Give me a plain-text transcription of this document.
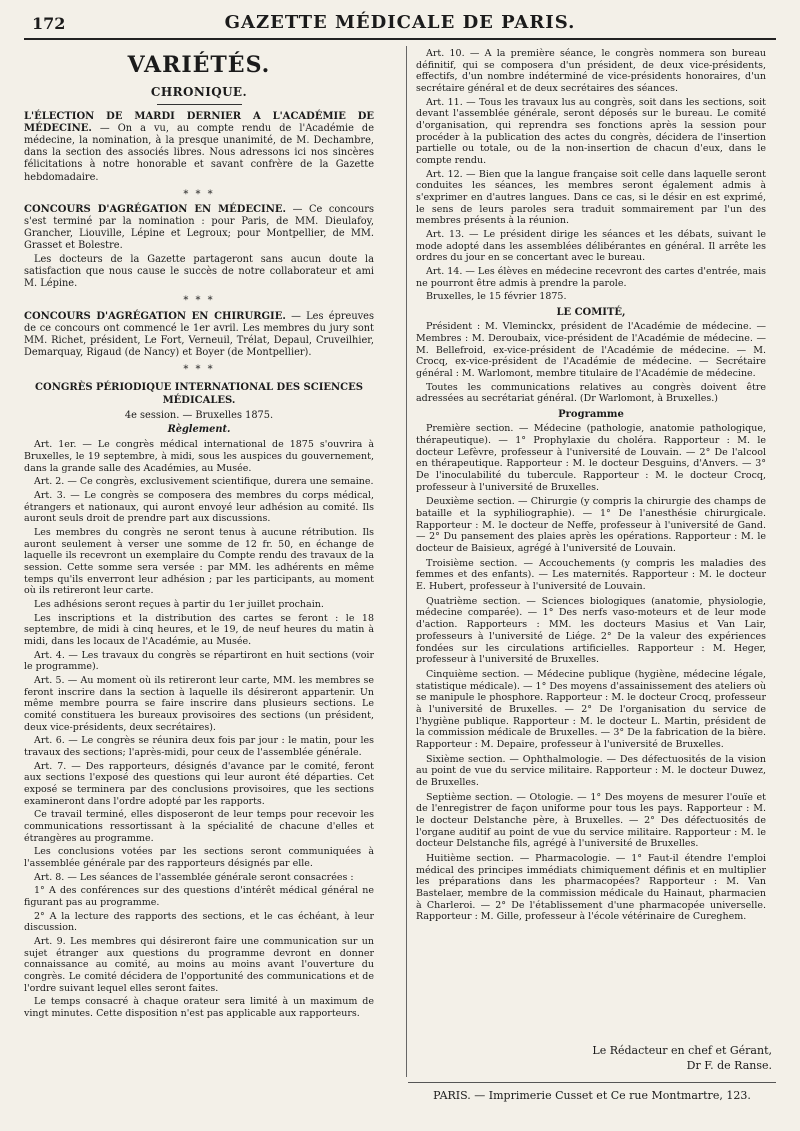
172	GAZETTE MÉDICALE DE PARIS.
VARIÉTÉS.
CHRONIQUE.

L'ÉLECTION DE MARDI DERNIER A L'ACADÉMIE DE MÉDECINE. — On a vu, au compte rendu de l'Académie de médecine, la nomination, à la presque unanimité, de M. Dechambre, dans la section des associés libres. Nous adressons ici nos sincères félicitations à notre honorable et savant confrère de la Gazette hebdomadaire.

* * *

CONCOURS D'AGRÉGATION EN MÉDECINE. — Ce concours s'est terminé par la nomination : pour Paris, de MM. Dieulafoy, Grancher, Liouville, Lépine et Legroux; pour Montpellier, de MM. Grasset et Bolestre.

Les docteurs de la Gazette partageront sans aucun doute la satisfaction que nous cause le succès de notre collaborateur et ami M. Lépine.

* * *

CONCOURS D'AGRÉGATION EN CHIRURGIE. — Les épreuves de ce concours ont commencé le 1er avril. Les membres du jury sont MM. Richet, président, Le Fort, Verneuil, Trélat, Depaul, Cruveilhier, Demarquay, Rigaud (de Nancy) et Boyer (de Montpellier).

* * *
CONGRÈS PÉRIODIQUE INTERNATIONAL DES SCIENCES MÉDICALES.
4e session. — Bruxelles 1875.
Règlement.

Art. 1er. — Le congrès médical international de 1875 s'ouvrira à Bruxelles, le 19 septembre, à midi, sous les auspices du gouvernement, dans la grande salle des Académies, au Musée.

Art. 2. — Ce congrès, exclusivement scientifique, durera une semaine.

Art. 3. — Le congrès se composera des membres du corps médical, étrangers et nationaux, qui auront envoyé leur adhésion au comité. Ils auront seuls droit de prendre part aux discussions.

Les membres du congrès ne seront tenus à aucune rétribution. Ils auront seulement à verser une somme de 12 fr. 50, en échange de laquelle ils recevront un exemplaire du Compte rendu des travaux de la session. Cette somme sera versée : par MM. les adhérents en même temps qu'ils enverront leur adhésion ; par les participants, au moment où ils retireront leur carte.

Les adhésions seront reçues à partir du 1er juillet prochain.

Les inscriptions et la distribution des cartes se feront : le 18 septembre, de midi à cinq heures, et le 19, de neuf heures du matin à midi, dans les locaux de l'Académie, au Musée.

Art. 4. — Les travaux du congrès se répartiront en huit sections (voir le programme).

Art. 5. — Au moment où ils retireront leur carte, MM. les membres se feront inscrire dans la section à laquelle ils désireront appartenir. Un même membre pourra se faire inscrire dans plusieurs sections. Le comité constituera les bureaux provisoires des sections (un président, deux vice-présidents, deux secrétaires).

Art. 6. — Le congrès se réunira deux fois par jour : le matin, pour les travaux des sections; l'après-midi, pour ceux de l'assemblée générale.

Art. 7. — Des rapporteurs, désignés d'avance par le comité, feront aux sections l'exposé des questions qui leur auront été départies. Cet exposé se terminera par des conclusions provisoires, que les sections examineront dans l'ordre adopté par les rapports.

Ce travail terminé, elles disposeront de leur temps pour recevoir les communications ressortissant à la spécialité de chacune d'elles et étrangères au programme.

Les conclusions votées par les sections seront communiquées à l'assemblée générale par des rapporteurs désignés par elle.

Art. 8. — Les séances de l'assemblée générale seront consacrées :

1° A des conférences sur des questions d'intérêt médical général ne figurant pas au programme.

2° A la lecture des rapports des sections, et le cas échéant, à leur discussion.

Art. 9. Les membres qui désireront faire une communication sur un sujet étranger aux questions du programme devront en donner connaissance au comité, au moins au moins avant l'ouverture du congrès. Le comité décidera de l'opportunité des communications et de l'ordre suivant lequel elles seront faites.

Le temps consacré à chaque orateur sera limité à un maximum de vingt minutes. Cette disposition n'est pas applicable aux rapporteurs.

Art. 10. — A la première séance, le congrès nommera son bureau définitif, qui se composera d'un président, de deux vice-présidents, effectifs, d'un nombre indéterminé de vice-présidents honoraires, d'un secrétaire général et de deux secrétaires des séances.

Art. 11. — Tous les travaux lus au congrès, soit dans les sections, soit devant l'assemblée générale, seront déposés sur le bureau. Le comité d'organisation, qui reprendra ses fonctions après la session pour procéder à la publication des actes du congrès, décidera de l'insertion partielle ou totale, ou de la non-insertion de chacun d'eux, dans le compte rendu.

Art. 12. — Bien que la langue française soit celle dans laquelle seront conduites les séances, les membres seront également admis à s'exprimer en d'autres langues. Dans ce cas, si le désir en est exprimé, le sens de leurs paroles sera traduit sommairement par l'un des membres présents à la réunion.

Art. 13. — Le président dirige les séances et les débats, suivant le mode adopté dans les assemblées délibérantes en général. Il arrête les ordres du jour en se concertant avec le bureau.

Art. 14. — Les élèves en médecine recevront des cartes d'entrée, mais ne pourront être admis à prendre la parole.

Bruxelles, le 15 février 1875.

LE COMITÉ,

Président : M. Vleminckx, président de l'Académie de médecine. — Membres : M. Deroubaix, vice-président de l'Académie de médecine. — M. Bellefroid, ex-vice-président de l'Académie de médecine. — M. Crocq, ex-vice-président de l'Académie de médecine. — Secrétaire général : M. Warlomont, membre titulaire de l'Académie de médecine.

Toutes les communications relatives au congrès doivent être adressées au secrétariat général. (Dr Warlomont, à Bruxelles.)

Programme

Première section. — Médecine (pathologie, anatomie pathologique, thérapeutique). — 1° Prophylaxie du choléra. Rapporteur : M. le docteur Lefèvre, professeur à l'université de Louvain. — 2° De l'alcool en thérapeutique. Rapporteur : M. le docteur Desguins, d'Anvers. — 3° De l'inoculabilité du tubercule. Rapporteur : M. le docteur Crocq, professeur à l'université de Bruxelles.

Deuxième section. — Chirurgie (y compris la chirurgie des champs de bataille et la syphiliographie). — 1° De l'anesthésie chirurgicale. Rapporteur : M. le docteur de Neffe, professeur à l'université de Gand. — 2° Du pansement des plaies après les opérations. Rapporteur : M. le docteur de Baisieux, agrégé à l'université de Louvain.

Troisième section. — Accouchements (y compris les maladies des femmes et des enfants). — Les maternités. Rapporteur : M. le docteur E. Hubert, professeur à l'université de Louvain.

Quatrième section. — Sciences biologiques (anatomie, physiologie, médecine comparée). — 1° Des nerfs vaso-moteurs et de leur mode d'action. Rapporteurs : MM. les docteurs Masius et Van Lair, professeurs à l'université de Liége. 2° De la valeur des expériences fondées sur les circulations artificielles. Rapporteur : M. Heger, professeur à l'université de Bruxelles.

Cinquième section. — Médecine publique (hygiène, médecine légale, statistique médicale). — 1° Des moyens d'assainissement des ateliers où se manipule le phosphore. Rapporteur : M. le docteur Crocq, professeur à l'université de Bruxelles. — 2° De l'organisation du service de l'hygiène publique. Rapporteur : M. le docteur L. Martin, président de la commission médicale de Bruxelles. — 3° De la fabrication de la bière. Rapporteur : M. Depaire, professeur à l'université de Bruxelles.

Sixième section. — Ophthalmologie. — Des défectuosités de la vision au point de vue du service militaire. Rapporteur : M. le docteur Duwez, de Bruxelles.

Septième section. — Otologie. — 1° Des moyens de mesurer l'ouïe et de l'enregistrer de façon uniforme pour tous les pays. Rapporteur : M. le docteur Delstanche père, à Bruxelles. — 2° Des défectuosités de l'organe auditif au point de vue du service militaire. Rapporteur : M. le docteur Delstanche fils, agrégé à l'université de Bruxelles.

Huitième section. — Pharmacologie. — 1° Faut-il étendre l'emploi médical des principes immédiats chimiquement définis et en multiplier les préparations dans les pharmacopées? Rapporteur : M. Van Bastelaer, membre de la commission médicale du Hainaut, pharmacien à Charleroi. — 2° De l'établissement d'une pharmacopée universelle. Rapporteur : M. Gille, professeur à l'école vétérinaire de Cureghem.

Le Rédacteur en chef et Gérant,
Dr F. de Ranse.
PARIS. — Imprimerie Cusset et Ce rue Montmartre, 123.
